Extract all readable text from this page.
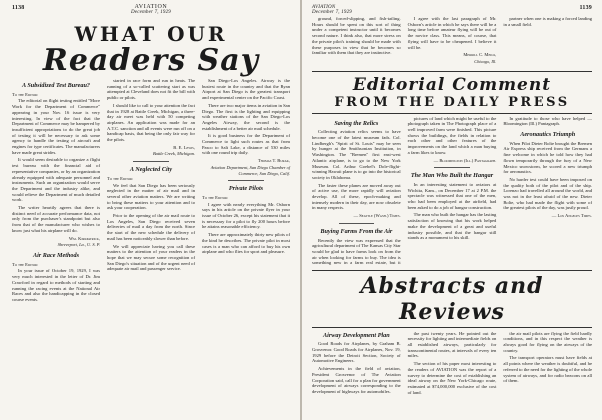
1138	AVIATION
December 7, 1929
WHAT OUR
Readers Say
A Subsidized Test Bureau?
To the Editor:

The editorial on flight testing entitled "More Work for the Department of Commerce" appearing in your Nov. 16 issue is very interesting. In view of the fact that the Department of Commerce may be hampered by insufficient appropriations to do the great job of testing it will be necessary to ask some agency to handle the testing of aircraft and engines for type certificates. The manufacturers have made great strides.

It would seem desirable to organize a flight test bureau with the financial aid of representative companies, or by an organization already equipped with adequate personnel and instruments. Such an organization would serve the Department and the industry alike, and would relieve the Department of much detailed work.

The writer heartily agrees that there is distinct need of accurate performance data, not only from the purchaser's standpoint but also from that of the manufacturer who wishes to know just what his airplane will do.

Wm. Kirkpatrick,
Shreveport, La., U. S. P.
Air Race Methods
To the Editor:

In your issue of October 19, 1929, I was very much interested in the letter of Dr. Jim Crawford in regard to methods of starting and running the racing events at the National Air Races and also the handicapping in the closed course events.

started in race form and run in heats. The running of a so-called scattering start as was attempted at Cleveland does not fit the bill with public or pilots.

I should like to call to your attention the fact that in 1928 at Battle Creek, Michigan, a three-day air meet was held with 50 competing airplanes. An application was made for an A.T.C. sanction and all events were run off on a handicap basis, that being the only fair way for the pilots.

B. E. Lewis,
Battle Creek, Michigan.
A Neglected City
To the Editor:

We feel that San Diego has been seriously neglected in the matter of air mail and in several other aviation matters. We are writing to bring these matters to your attention and to ask your cooperation.

Prior to the opening of the air mail route to Los Angeles, San Diego received seven deliveries of mail a day from the north. Since the start of the new schedule the delivery of mail has been noticeably slower than before.

We will appreciate having you call these matters to the attention of your readers in the hope that we may secure some recognition of San Diego's situation and of the urgent need of adequate air mail and passenger service.

San Diego-Los Angeles. Airway is the busiest route in the country and that the Ryan Airport at San Diego is the greatest transport and experimental center on the Pacific Coast.

There are two major items in aviation in San Diego. The first is the lighting and equipping with weather stations of the San Diego-Los Angeles Airway, the second is the establishment of a better air mail schedule.

It is good business for the Department of Commerce to light such routes as that from Pasco to Salt Lake, a distance of 530 miles with one round trip daily.

Thomas T. Burak,
Aviation Department, San Diego Chamber of Commerce, San Diego, Calif.
Private Pilots
To the Editor:

I agree with nearly everything Mr. Osborn says in his article on the private flyer in your issue of October 26, except his statement that it is necessary for a pilot to fly 200 hours before he attains reasonable efficiency.

There are approximately thirty new pilots of the kind he describes. The private pilot in most cases is a man who can afford to buy his own airplane and who flies for sport and pleasure.

AVIATION
December 7, 1929
1139

ground, forced-slipping, and fish-tailing. Hours should be spent on this sort of thing under a competent instructor until it becomes second nature. I think also, that more stress on the private pilot's training should be made with these purposes in view that he becomes so familiar with them that they are instinctive.

I agree with the last paragraph of Mr. Osborn's article in which he says there will be a long time before amateur flying will be out of the novice class. This means, of course, that flying will have to be cheapened. I believe it will be.

Merrill C. Meigs,
Chicago, Ill.

partner when one is making a forced landing in a small field.

Editorial Comment
FROM THE DAILY PRESS
Saving the Relics

Collecting aviation relics seems to have become one of the latest museum fads. Col. Lindbergh's "Spirit of St. Louis" may be seen by hunger at the Smithsonian Institution, in Washington. The "Bremen" first east-west Atlantic airplane, is to go to the New York Museum. Col. Arthur Goebel's Dole-flight-winning Hawaii plane is to go into the historical society in Oklahoma.

The faster these planes are moved away out of active use, the more rapidly will aviation develop. All of these, epoch-making and intensely modern in their day, are now obsolete in many respects.

— Seattle (Wash.) Times.
Buying Farms From the Air

Recently the view was expressed that the agricultural department of The Kansas City Star would be glad to have farms look on from the air when looking for farms to buy. The idea is something new in a farm real estate, but it

pictures of land which might be useful to the photograph taken in The Photograph place of a well improved farm were finished. This picture shows the buildings, the fields in relation to each other and other features of the improvements on the land which a man buying a farm likes to know.

— Bloomington (Ill.) Pantagraph.
The Man Who Built the Hangar

In an interesting statement to aviators at Wichita, Kans., on December 17 at 2 P.M. the spectacle was witnessed that one of the men, who had been employed at the airfield, had been asked to do a job of hangar construction.

The man who built the hangar has the lasting satisfaction of knowing that his work helped make the development of a great and useful industry possible, and that the hangar still stands as a monument to his skill.

In gratitude to those who have helped — Bloomington (Ill.) Pantagraph.

Aeronautics Triumph

When Pilot Dieter Bolte brought the Bremen Air Express ship received from the Germans a fine welcome in which he told how they had flown temporarily through the fury of a New Mexico snowstorm, he scored a new triumph for aeronautics.

No harder test could have been imposed on the quality both of the pilot and of the ship. Lorenzo had travelled all around the world, and was not in the least afraid of the new. Dieter Bolte, who had made the flight with some of the greatest pilots of the day, was justly proud.

— Los Angeles Times.
Abstracts and Reviews
Airway Development Plan

Good Roads for Airplanes, by Graham B. Grosvenor. Good Roads for Airplanes, Nov. 19, 1929 before the Detroit Section, Society of Automotive Engineers.

Achievements in the field of aviation, President Grosvenor of The Aviation Corporation said, call for a plan for government development of airways corresponding to the development of highways for automobiles.

the past twenty years. He pointed out the necessity for lighting and intermediate fields on all established airways, particularly for transcontinental routes, at intervals of every ten miles.

The section of his paper most interesting to the readers of AVIATION was the report of a survey to determine the cost of establishing an ideal airway on the New York-Chicago route, estimated at $74,000,000 exclusive of the cost of land.

the air mail pilots are flying the field hardly conditions, and in this respect the weather is always good for flying on the airways of the country.

The transport operators must have fields at all points where the weather is doubtful, and he referred to the need for the lighting of the whole system of airways, and for radio beacons on all of them.
